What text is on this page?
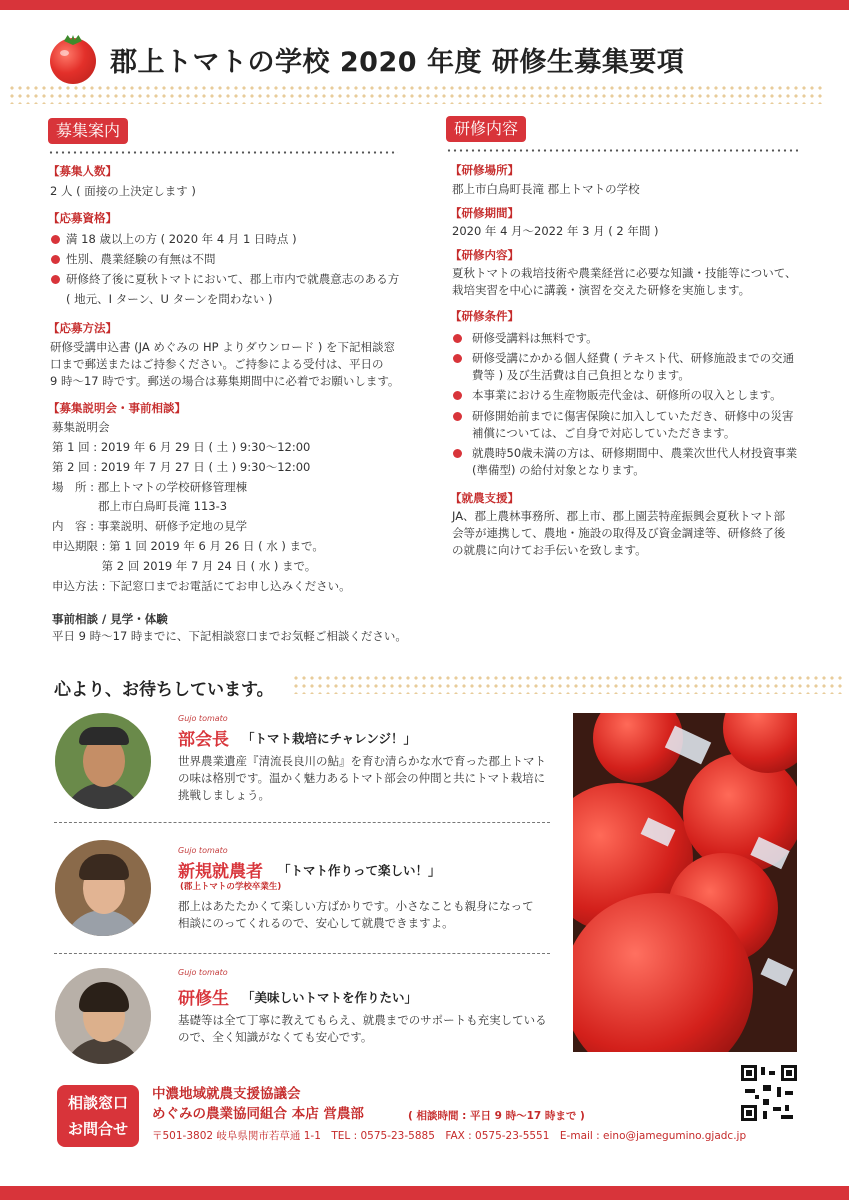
郡上トマトの学校 2020 年度 研修生募集要項
募集案内
【募集人数】
2 人 ( 面接の上決定します )
【応募資格】
満 18 歳以上の方 ( 2020 年 4 月 1 日時点 )
性別、農業経験の有無は不問
研修終了後に夏秋トマトにおいて、郡上市内で就農意志のある方
( 地元、I ターン、U ターンを問わない )
【応募方法】
研修受講申込書 (JA めぐみの HP よりダウンロード ) を下記相談窓
口まで郵送またはご持参ください。ご持参による受付は、平日の
9 時〜17 時です。郵送の場合は募集期間中に必着でお願いします。
【募集説明会・事前相談】
募集説明会
第 1 回 : 2019 年 6 月 29 日 ( 土 ) 9:30〜12:00
第 2 回 : 2019 年 7 月 27 日 ( 土 ) 9:30〜12:00
場　所 : 郡上トマトの学校研修管理棟
　　　　郡上市白鳥町長滝 113-3
内　容 : 事業説明、研修予定地の見学
申込期限 : 第 1 回 2019 年 6 月 26 日 ( 水 ) まで。
　　　　 第 2 回 2019 年 7 月 24 日 ( 水 ) まで。
申込方法 : 下記窓口までお電話にてお申し込みください。
事前相談 / 見学・体験
平日 9 時〜17 時までに、下記相談窓口までお気軽ご相談ください。
研修内容
【研修場所】
郡上市白鳥町長滝 郡上トマトの学校
【研修期間】
2020 年 4 月〜2022 年 3 月 ( 2 年間 )
【研修内容】
夏秋トマトの栽培技術や農業経営に必要な知識・技能等について、
栽培実習を中心に講義・演習を交えた研修を実施します。
【研修条件】
研修受講料は無料です。
研修受講にかかる個人経費 ( テキスト代、研修施設までの交通
費等 ) 及び生活費は自己負担となります。
本事業における生産物販売代金は、研修所の収入とします。
研修開始前までに傷害保険に加入していただき、研修中の災害
補償については、ご自身で対応していただきます。
就農時50歳未満の方は、研修期間中、農業次世代人材投資事業
(準備型) の給付対象となります。
【就農支援】
JA、郡上農林事務所、郡上市、郡上園芸特産振興会夏秋トマト部
会等が連携して、農地・施設の取得及び資金調達等、研修終了後
の就農に向けてお手伝いを致します。
心より、お待ちしています。
Gujo tomato
部会長 「トマト栽培にチャレンジ！」
世界農業遺産『清流長良川の鮎』を育む清らかな水で育った郡上トマト
の味は格別です。温かく魅力あるトマト部会の仲間と共にトマト栽培に
挑戦しましょう。
Gujo tomato
新規就農者 「トマト作りって楽しい！」
(郡上トマトの学校卒業生)
郡上はあたたかくて楽しい方ばかりです。小さなことも親身になって
相談にのってくれるので、安心して就農できますよ。
Gujo tomato
研修生 「美味しいトマトを作りたい」
基礎等は全て丁寧に教えてもらえ、就農までのサポートも充実している
ので、全く知識がなくても安心です。
相談窓口
お問合せ
中濃地域就農支援協議会
めぐみの農業協同組合 本店 営農部	( 相談時間 : 平日 9 時〜17 時まで )
〒501-3802 岐阜県関市若草通 1-1　TEL : 0575-23-5885　FAX : 0575-23-5551　E-mail : eino@jamegumino.gjadc.jp
